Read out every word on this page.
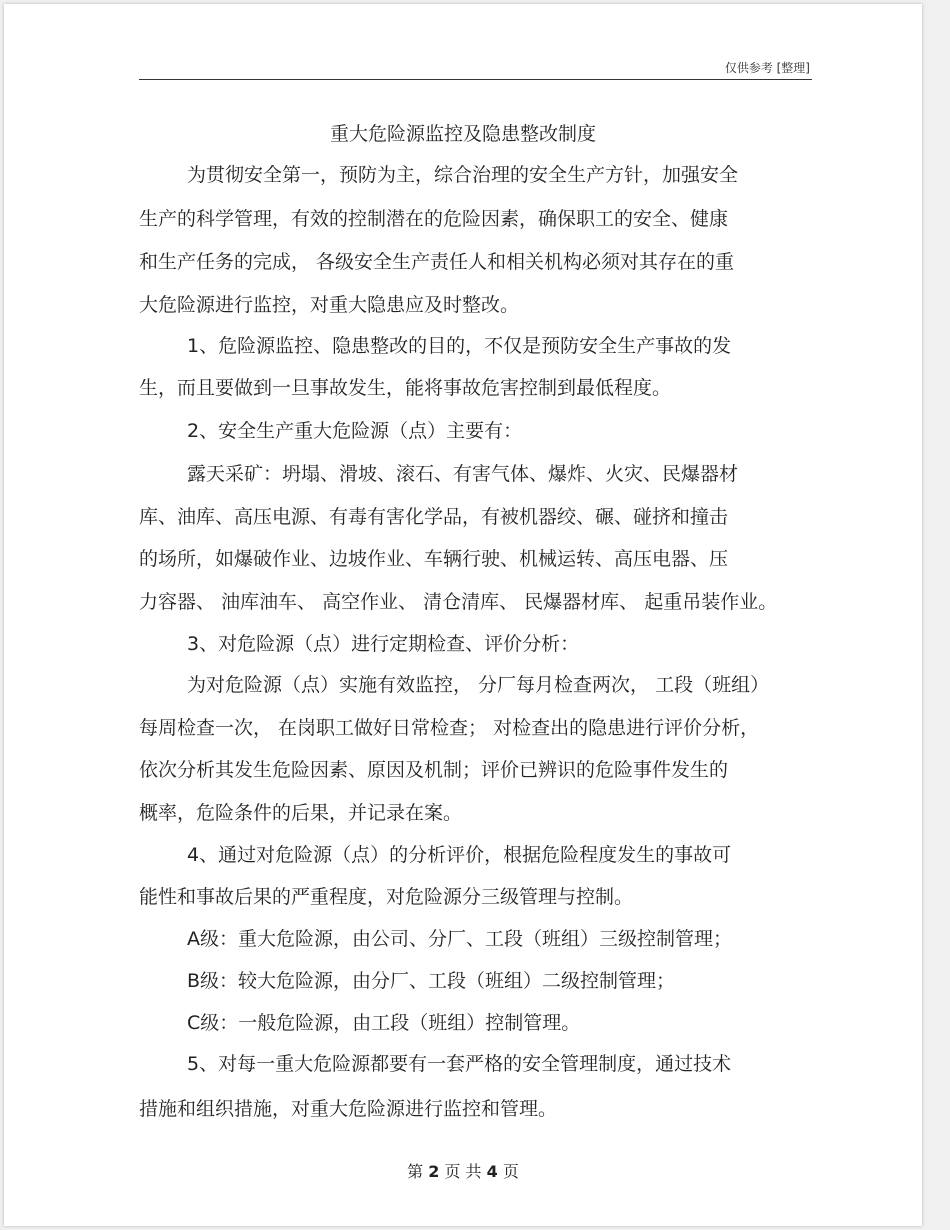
仅供参考 [整理]
重大危险源监控及隐患整改制度
为贯彻安全第一，预防为主，综合治理的安全生产方针，加强安全
生产的科学管理，有效的控制潜在的危险因素，确保职工的安全、健康
和生产任务的完成， 各级安全生产责任人和相关机构必须对其存在的重
大危险源进行监控，对重大隐患应及时整改。
1、危险源监控、隐患整改的目的，不仅是预防安全生产事故的发
生，而且要做到一旦事故发生，能将事故危害控制到最低程度。
2、安全生产重大危险源（点）主要有：
露天采矿：坍塌、滑坡、滚石、有害气体、爆炸、火灾、民爆器材
库、油库、高压电源、有毒有害化学品，有被机器绞、碾、碰挤和撞击
的场所，如爆破作业、边坡作业、车辆行驶、机械运转、高压电器、压
力容器、 油库油车、 高空作业、 清仓清库、 民爆器材库、 起重吊装作业。
3、对危险源（点）进行定期检查、评价分析：
为对危险源（点）实施有效监控， 分厂每月检查两次， 工段（班组）
每周检查一次， 在岗职工做好日常检查； 对检查出的隐患进行评价分析，
依次分析其发生危险因素、原因及机制；评价已辨识的危险事件发生的
概率，危险条件的后果，并记录在案。
4、通过对危险源（点）的分析评价，根据危险程度发生的事故可
能性和事故后果的严重程度，对危险源分三级管理与控制。
A级：重大危险源，由公司、分厂、工段（班组）三级控制管理；
B级：较大危险源，由分厂、工段（班组）二级控制管理；
C级：一般危险源，由工段（班组）控制管理。
5、对每一重大危险源都要有一套严格的安全管理制度，通过技术
措施和组织措施，对重大危险源进行监控和管理。
第 2 页 共 4 页
